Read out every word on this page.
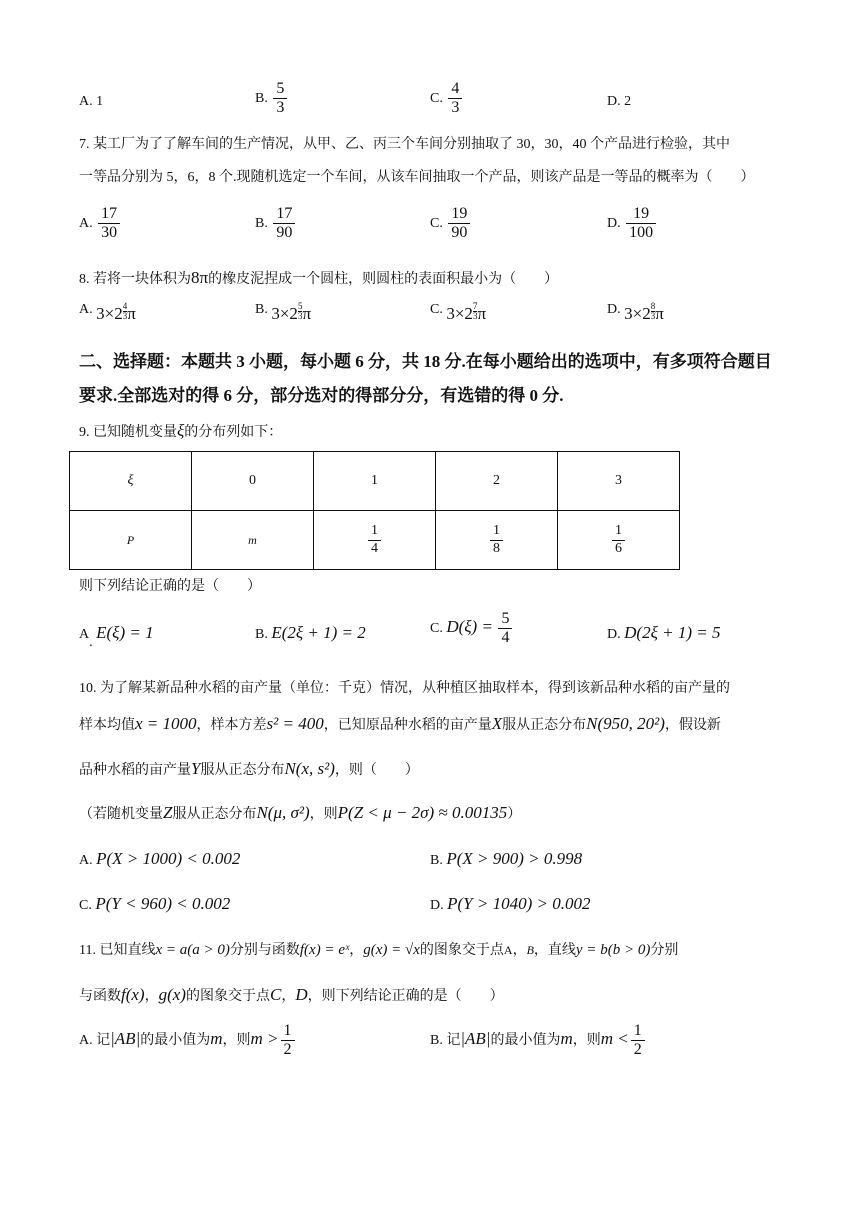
A. 1	B. $\frac{5}{3}$	C. $\frac{4}{3}$	D. 2
7. 某工厂为了了解车间的生产情况，从甲、乙、丙三个车间分别抽取了 30，30，40 个产品进行检验，其中
一等品分别为 5，6，8 个.现随机选定一个车间，从该车间抽取一个产品，则该产品是一等品的概率为（　　）
A. $\frac{17}{30}$	B. $\frac{17}{90}$	C. $\frac{19}{90}$	D. $\frac{19}{100}$
8. 若将一块体积为8π的橡皮泥捏成一个圆柱，则圆柱的表面积最小为（　　）
A. $3\times 2 \frac{4}{3}$ π	B. $3\times 2 \frac{5}{3}$ π	C. $3\times 2 \frac{7}{3}$ π	D. $3\times 2 \frac{8}{3}$ π
二、选择题：本题共 3 小题，每小题 6 分，共 18 分.在每小题给出的选项中，有多项符合题目
要求.全部选对的得 6 分，部分选对的得部分分，有选错的得 0 分.
9. 已知随机变量ξ的分布列如下：
ξ	0	1	2	3
P	m	$\frac{1}{4}$	$\frac{1}{8}$	$\frac{1}{6}$
则下列结论正确的是（　　）
A. E(ξ) = 1	B. E(2ξ + 1) = 2	C. $D(\xi) = \frac{5}{4}$	D. D(2ξ + 1) = 5
10. 为了解某新品种水稻的亩产量（单位：千克）情况，从种植区抽取样本，得到该新品种水稻的亩产量的
样本均值x = 1000，样本方差s² = 400，已知原品种水稻的亩产量X服从正态分布N(950, 20²)，假设新
品种水稻的亩产量Y服从正态分布N(x, s²)，则（　　）
（若随机变量Z服从正态分布N(μ, σ²)，则P(Z < μ − 2σ) ≈ 0.00135）
A. P(X > 1000) < 0.002	B. P(X > 900) > 0.998
C. P(Y < 960) < 0.002	D. P(Y > 1040) > 0.002
11. 已知直线x = a(a > 0)分别与函数f(x) = eˣ，g(x) = √x的图象交于点A，B，直线y = b(b > 0)分别
与函数f(x)，g(x)的图象交于点C，D，则下列结论正确的是（　　）
A. 记|AB|的最小值为m，则$m > \frac{1}{2}$	B. 记|AB|的最小值为m，则$m < \frac{1}{2}$
